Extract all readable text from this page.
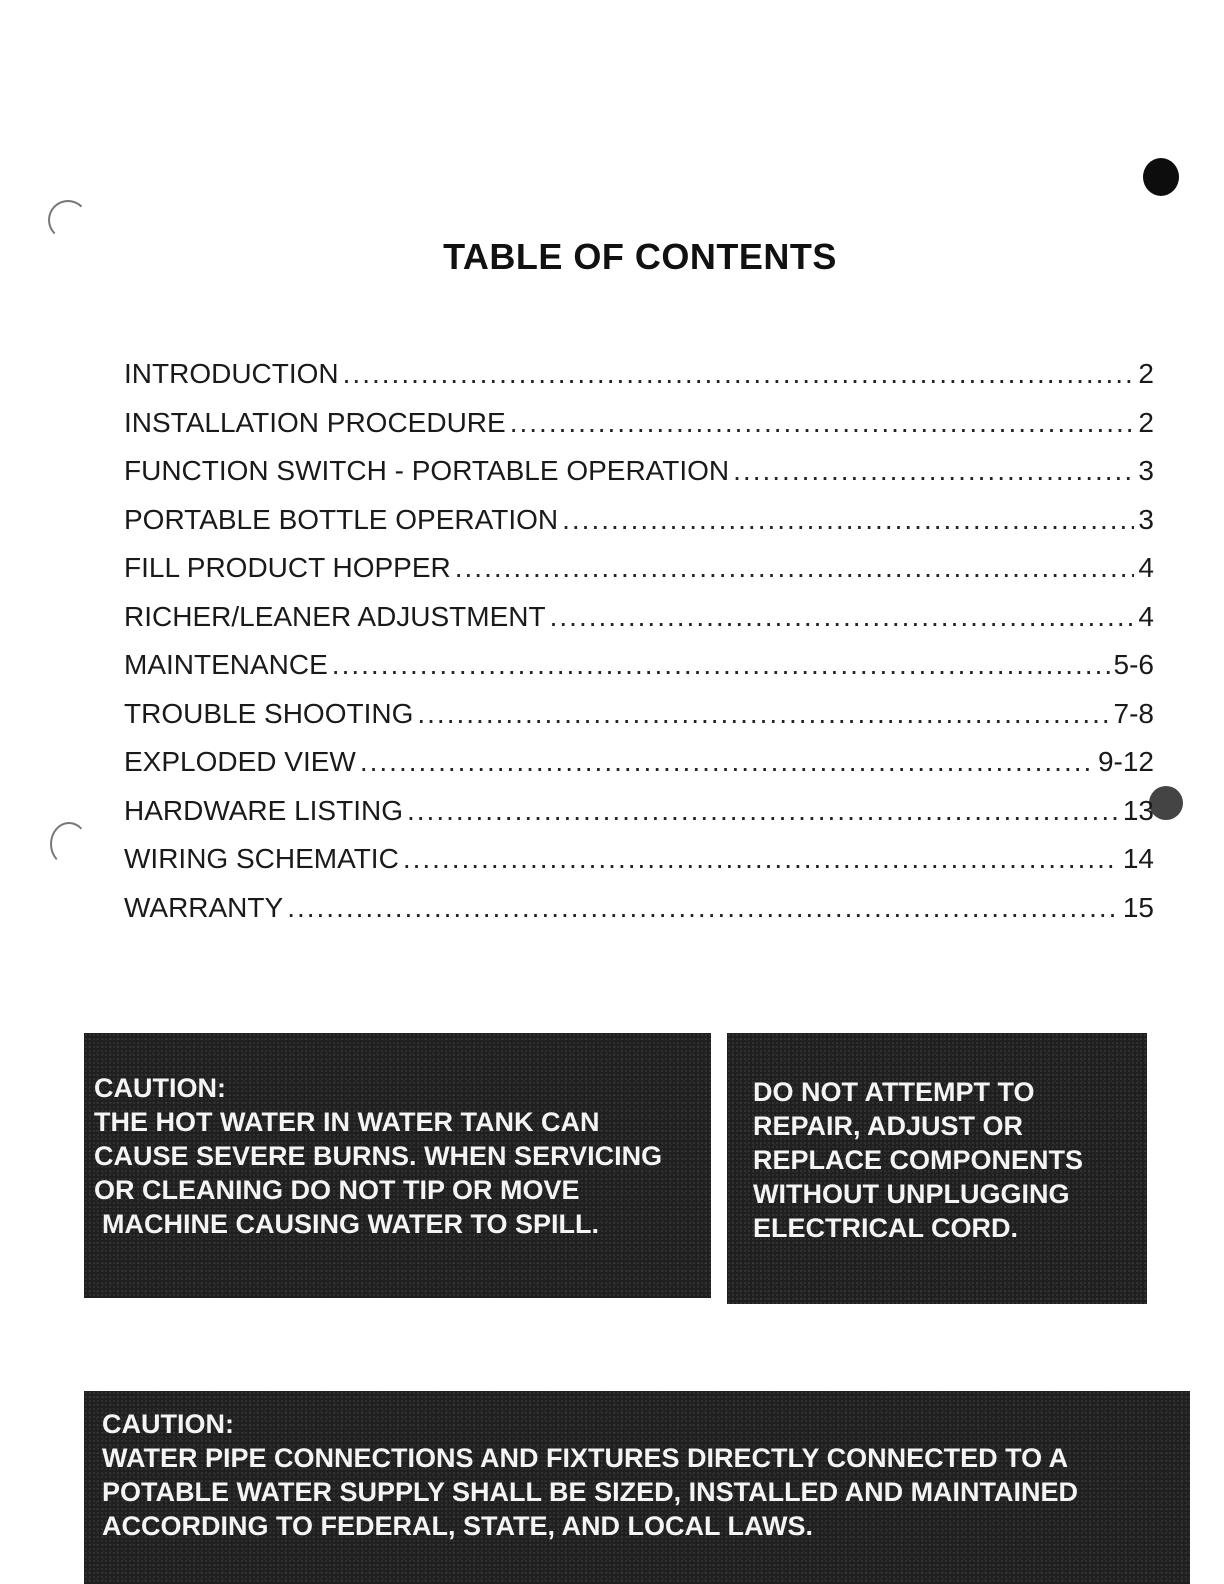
TABLE OF CONTENTS
INTRODUCTION .....	2
INSTALLATION PROCEDURE .....	2
FUNCTION SWITCH - PORTABLE OPERATION .....	3
PORTABLE BOTTLE OPERATION .....	3
FILL PRODUCT HOPPER .....	4
RICHER/LEANER ADJUSTMENT .....	4
MAINTENANCE .....	5-6
TROUBLE SHOOTING .....	7-8
EXPLODED VIEW .....	9-12
HARDWARE LISTING .....	13
WIRING SCHEMATIC .....	14
WARRANTY .....	15

CAUTION:

THE HOT WATER IN WATER TANK CAN

CAUSE SEVERE BURNS. WHEN SERVICING

OR CLEANING DO NOT TIP OR MOVE

MACHINE CAUSING WATER TO SPILL.

DO NOT ATTEMPT TO

REPAIR, ADJUST OR

REPLACE COMPONENTS

WITHOUT UNPLUGGING

ELECTRICAL CORD.

CAUTION:

WATER PIPE CONNECTIONS AND FIXTURES DIRECTLY CONNECTED TO A

POTABLE WATER SUPPLY SHALL BE SIZED, INSTALLED AND MAINTAINED

ACCORDING TO FEDERAL, STATE, AND LOCAL LAWS.
